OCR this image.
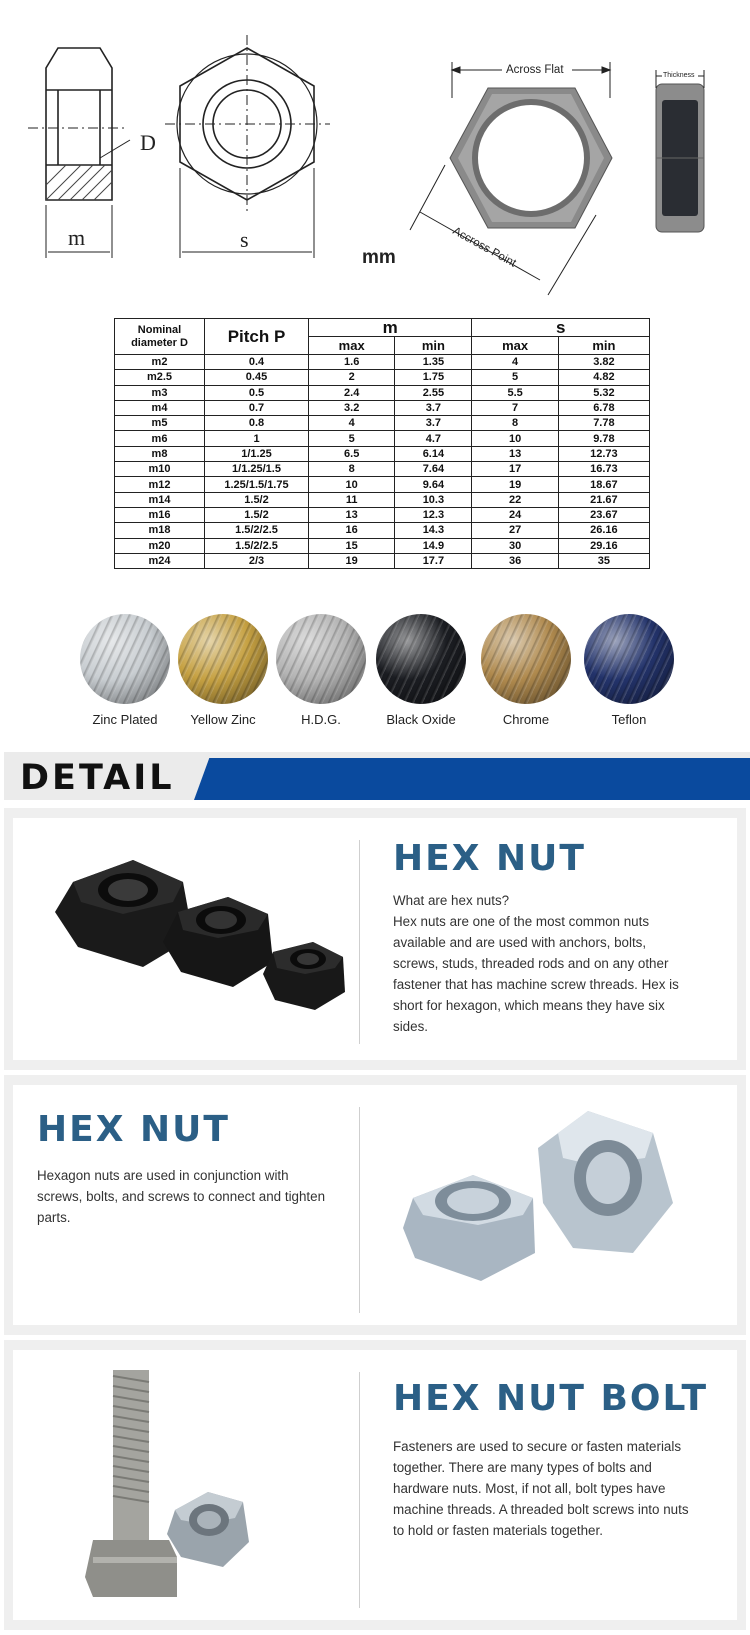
m
D
s
mm
Across Flat
Accross Point
Thickness
Nominal
diameter D	Pitch P	m		s	
		max	min	max	min
m2	0.4	1.6	1.35	4	3.82
m2.5	0.45	2	1.75	5	4.82
m3	0.5	2.4	2.55	5.5	5.32
m4	0.7	3.2	3.7	7	6.78
m5	0.8	4	3.7	8	7.78
m6	1	5	4.7	10	9.78
m8	1/1.25	6.5	6.14	13	12.73
m10	1/1.25/1.5	8	7.64	17	16.73
m12	1.25/1.5/1.75	10	9.64	19	18.67
m14	1.5/2	11	10.3	22	21.67
m16	1.5/2	13	12.3	24	23.67
m18	1.5/2/2.5	16	14.3	27	26.16
m20	1.5/2/2.5	15	14.9	30	29.16
m24	2/3	19	17.7	36	35
Zinc Plated	Yellow Zinc	H.D.G.	Black Oxide	Chrome	Teflon
DETAIL
HEX NUT
What are hex nuts?
Hex nuts are one of the most common nuts available and are used with anchors, bolts, screws, studs, threaded rods and on any other fastener that has machine screw threads. Hex is short for hexagon, which means they have six sides.
HEX NUT
Hexagon nuts are used in conjunction with screws, bolts, and screws to connect and tighten parts.
HEX NUT BOLT
Fasteners are used to secure or fasten materials together. There are many types of bolts and hardware nuts. Most, if not all, bolt types have machine threads. A threaded bolt screws into nuts to hold or fasten materials together.
